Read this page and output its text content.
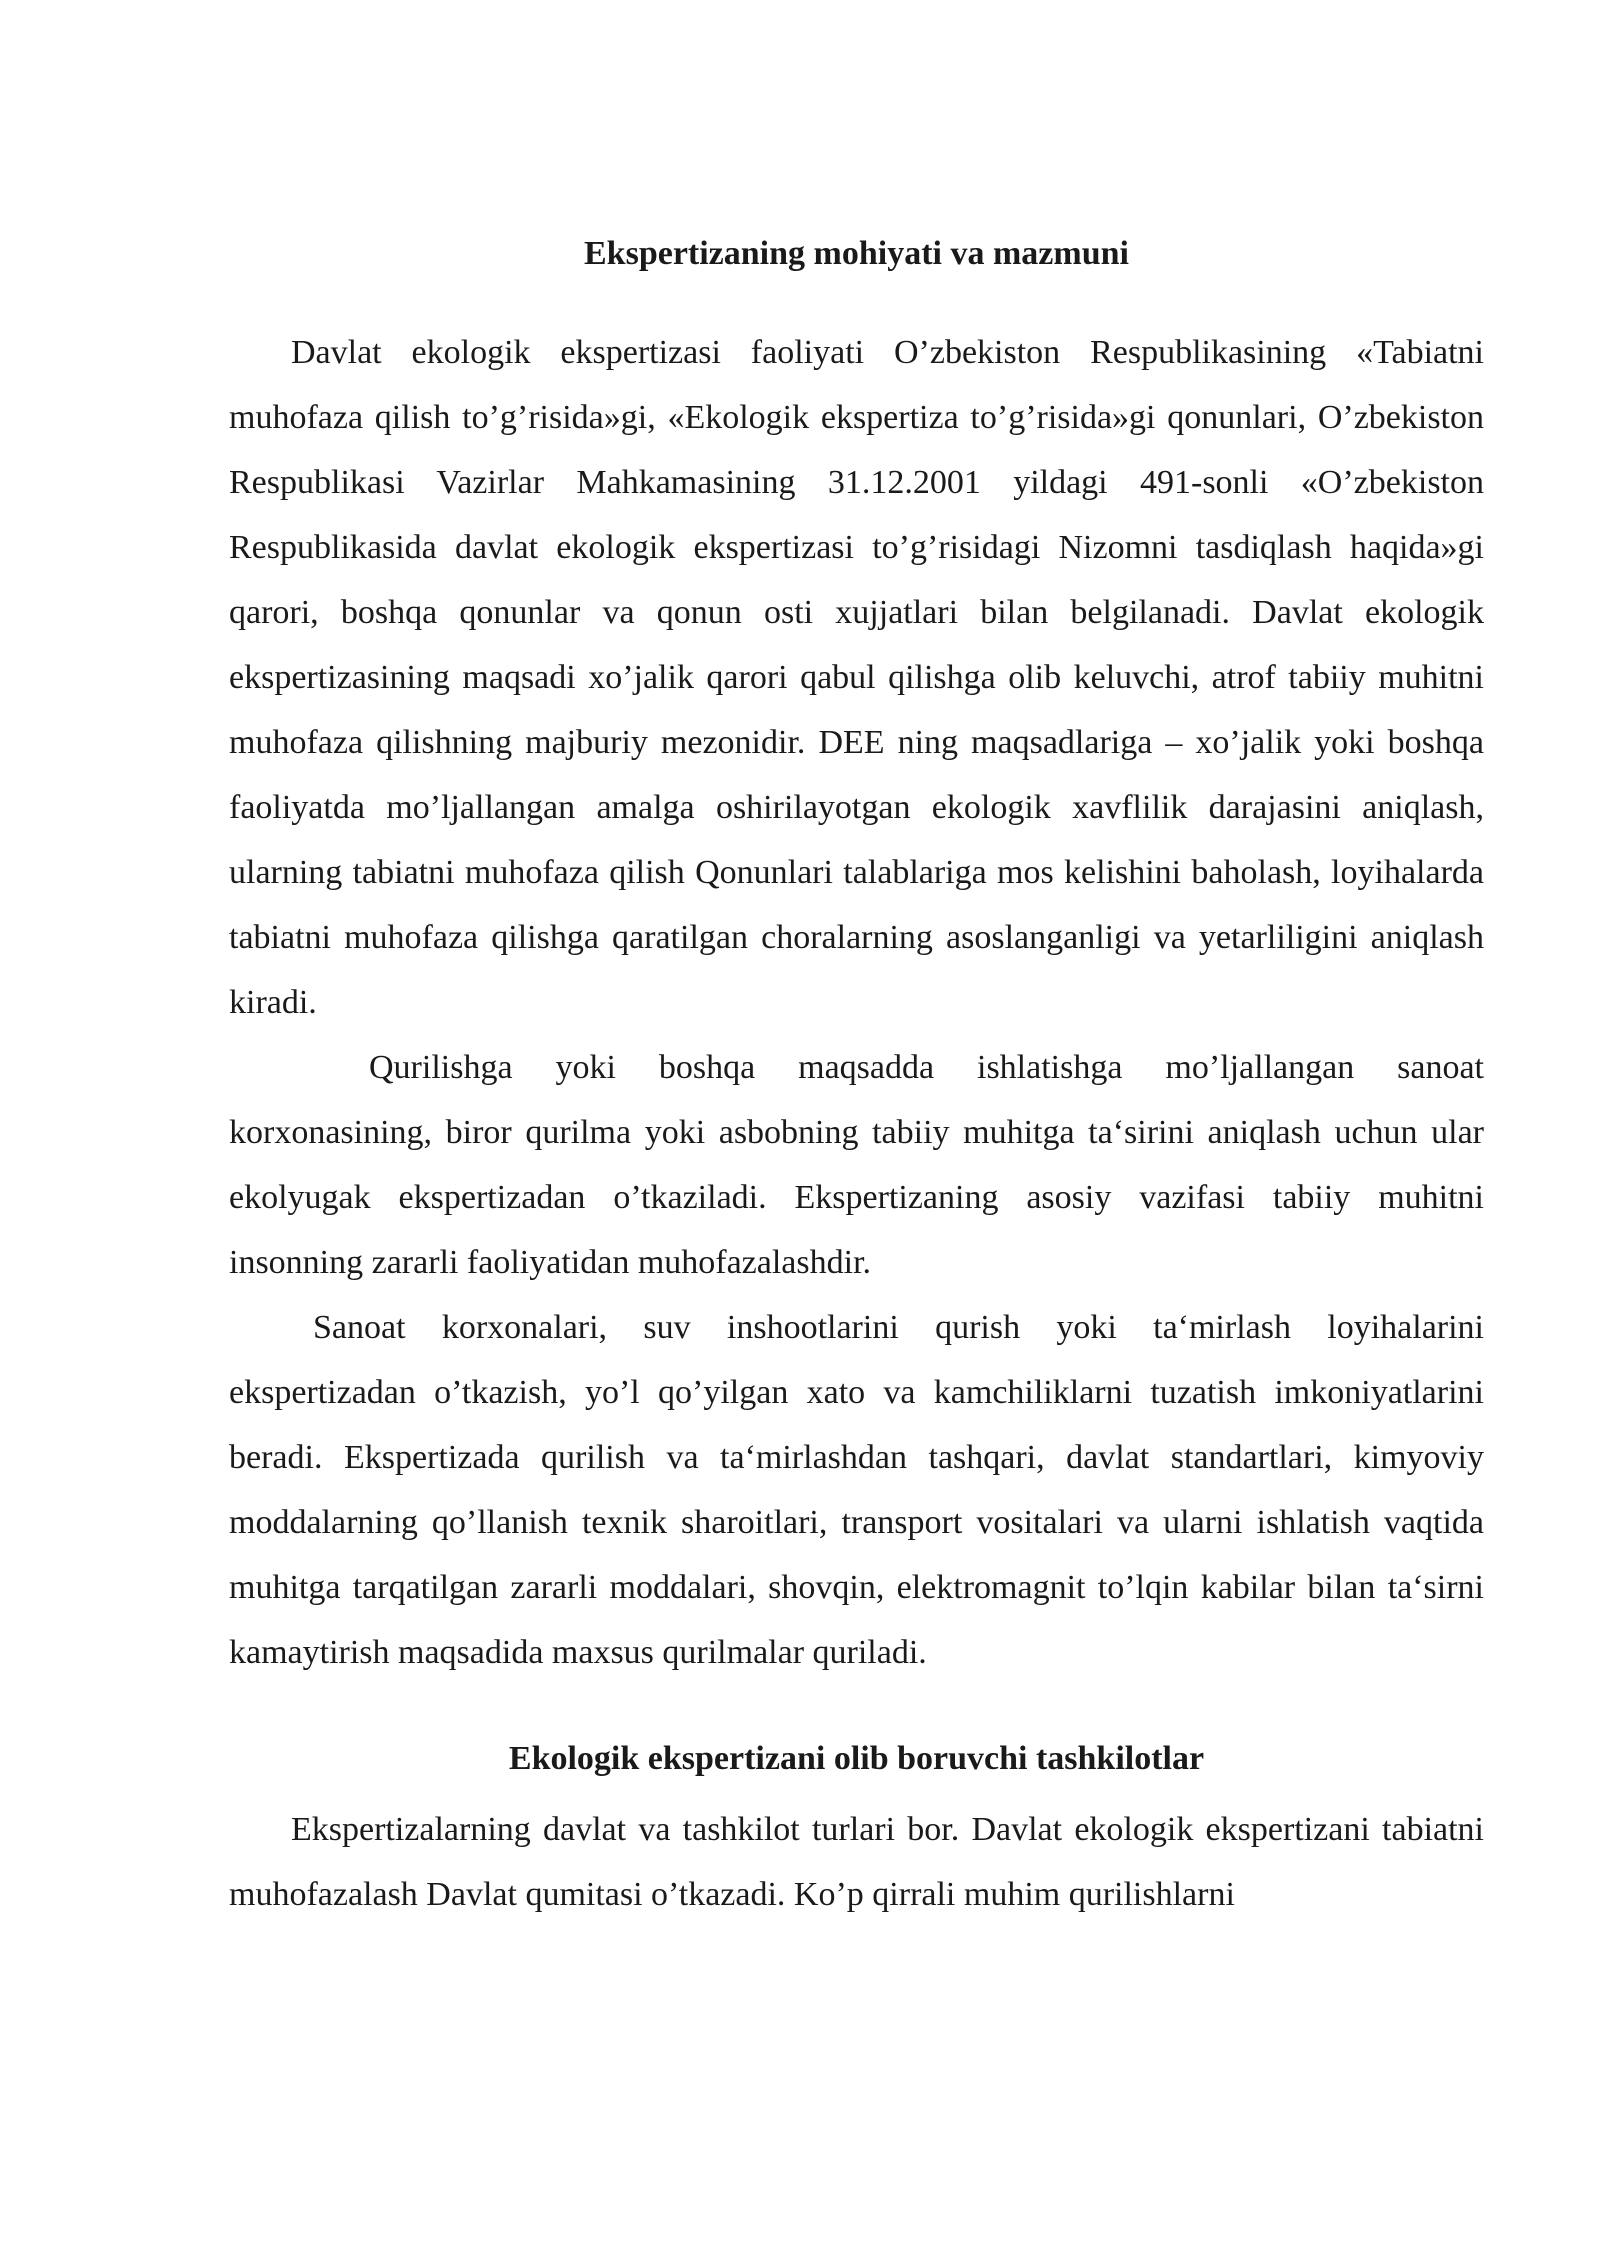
Ekspertizaning mohiyati va mazmuni

Davlat ekologik ekspertizasi faoliyati O’zbekiston Respublikasining «Tabiatni muhofaza qilish to’g’risida»gi, «Ekologik ekspertiza to’g’risida»gi qonunlari, O’zbekiston Respublikasi Vazirlar Mahkamasining 31.12.2001 yildagi 491-sonli «O’zbekiston Respublikasida davlat ekologik ekspertizasi to’g’risidagi Nizomni tasdiqlash haqida»gi qarori, boshqa qonunlar va qonun osti xujjatlari bilan belgilanadi. Davlat ekologik ekspertizasining maqsadi xo’jalik qarori qabul qilishga olib keluvchi, atrof tabiiy muhitni muhofaza qilishning majburiy mezonidir. DEE ning maqsadlariga – xo’jalik yoki boshqa faoliyatda mo’ljallangan amalga oshirilayotgan ekologik xavflilik darajasini aniqlash, ularning tabiatni muhofaza qilish Qonunlari talablariga mos kelishini baholash, loyihalarda tabiatni muhofaza qilishga qaratilgan choralarning asoslanganligi va yetarliligini aniqlash kiradi.

Qurilishga yoki boshqa maqsadda ishlatishga mo’ljallangan sanoat korxonasining, biror qurilma yoki asbobning tabiiy muhitga ta‘sirini aniqlash uchun ular ekolyugak ekspertizadan o’tkaziladi. Ekspertizaning asosiy vazifasi tabiiy muhitni insonning zararli faoliyatidan muhofazalashdir.

Sanoat korxonalari, suv inshootlarini qurish yoki ta‘mirlash loyihalarini ekspertizadan o’tkazish, yo’l qo’yilgan xato va kamchiliklarni tuzatish imkoniyatlarini beradi. Ekspertizada qurilish va ta‘mirlashdan tashqari, davlat standartlari, kimyoviy moddalarning qo’llanish texnik sharoitlari, transport vositalari va ularni ishlatish vaqtida muhitga tarqatilgan zararli moddalari, shovqin, elektromagnit to’lqin kabilar bilan ta‘sirni kamaytirish maqsadida maxsus qurilmalar quriladi.

Ekologik ekspertizani olib boruvchi tashkilotlar

Ekspertizalarning davlat va tashkilot turlari bor. Davlat ekologik ekspertizani tabiatni muhofazalash Davlat qumitasi o’tkazadi. Ko’p qirrali muhim qurilishlarni
